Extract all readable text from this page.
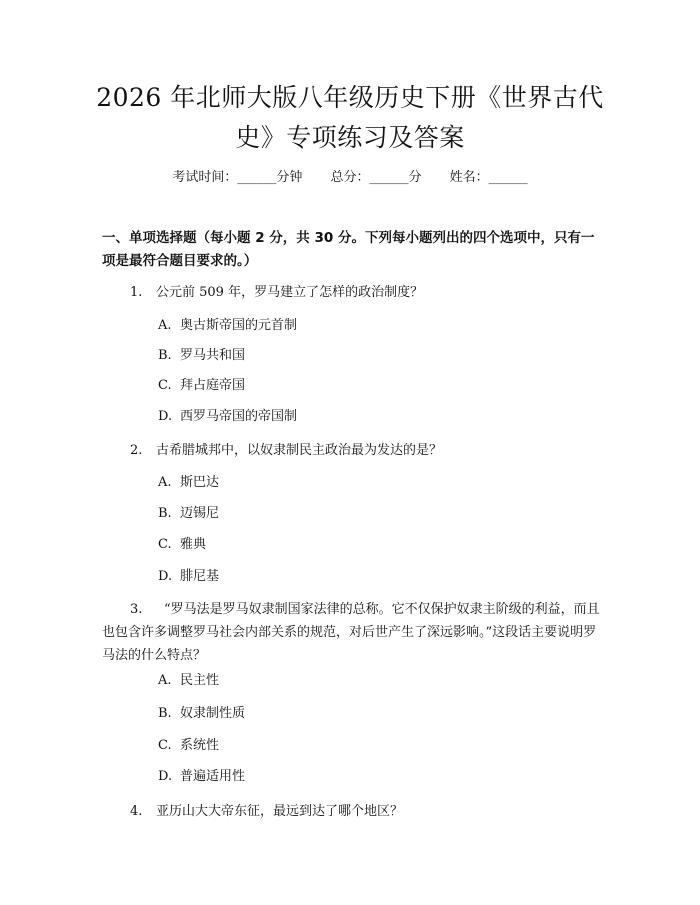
2026 年北师大版八年级历史下册《世界古代
史》专项练习及答案
考试时间：______分钟 总分：______分 姓名：______
一、单项选择题（每小题 2 分，共 30 分。下列每小题列出的四个选项中，只有一项是最符合题目要求的。）
1. 公元前 509 年，罗马建立了怎样的政治制度？
A. 奥古斯帝国的元首制
B. 罗马共和国
C. 拜占庭帝国
D. 西罗马帝国的帝国制
2. 古希腊城邦中，以奴隶制民主政治最为发达的是？
A. 斯巴达
B. 迈锡尼
C. 雅典
D. 腓尼基
3. “罗马法是罗马奴隶制国家法律的总称。它不仅保护奴隶主阶级的利益，而且也包含许多调整罗马社会内部关系的规范，对后世产生了深远影响。”这段话主要说明罗马法的什么特点？
A. 民主性
B. 奴隶制性质
C. 系统性
D. 普遍适用性
4. 亚历山大大帝东征，最远到达了哪个地区？
